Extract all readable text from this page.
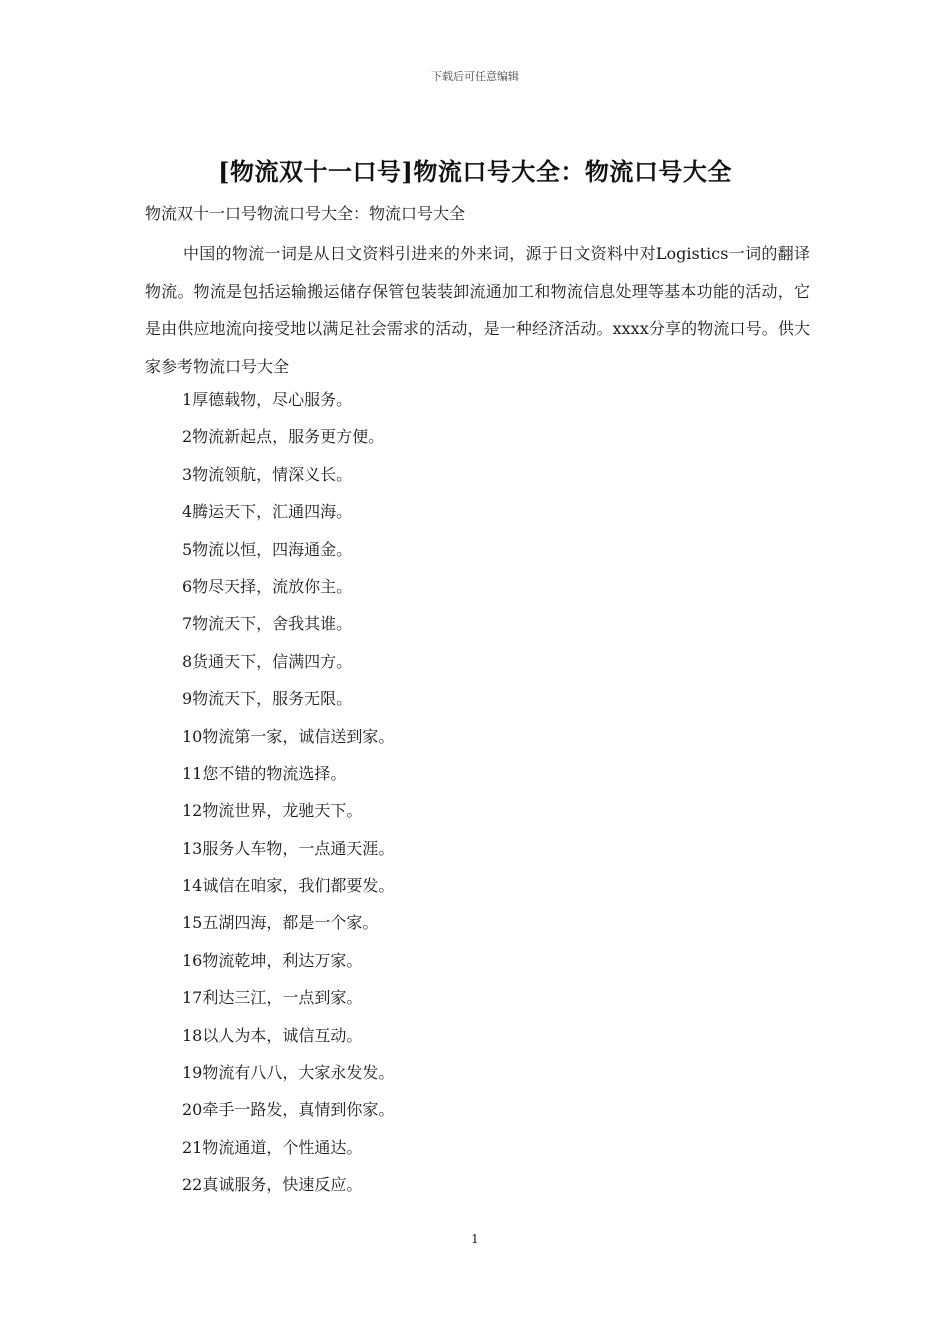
下载后可任意编辑
[物流双十一口号]物流口号大全：物流口号大全
物流双十一口号物流口号大全：物流口号大全

中国的物流一词是从日文资料引进来的外来词，源于日文资料中对Logistics一词的翻译物流。物流是包括运输搬运储存保管包装装卸流通加工和物流信息处理等基本功能的活动，它是由供应地流向接受地以满足社会需求的活动，是一种经济活动。xxxx分享的物流口号。供大家参考物流口号大全

1厚德载物，尽心服务。
2物流新起点，服务更方便。
3物流领航，情深义长。
4腾运天下，汇通四海。
5物流以恒，四海通金。
6物尽天择，流放你主。
7物流天下，舍我其谁。
8货通天下，信满四方。
9物流天下，服务无限。
10物流第一家，诚信送到家。
11您不错的物流选择。
12物流世界，龙驰天下。
13服务人车物，一点通天涯。
14诚信在咱家，我们都要发。
15五湖四海，都是一个家。
16物流乾坤，利达万家。
17利达三江，一点到家。
18以人为本，诚信互动。
19物流有八八，大家永发发。
20牵手一路发，真情到你家。
21物流通道，个性通达。
22真诚服务，快速反应。
1
